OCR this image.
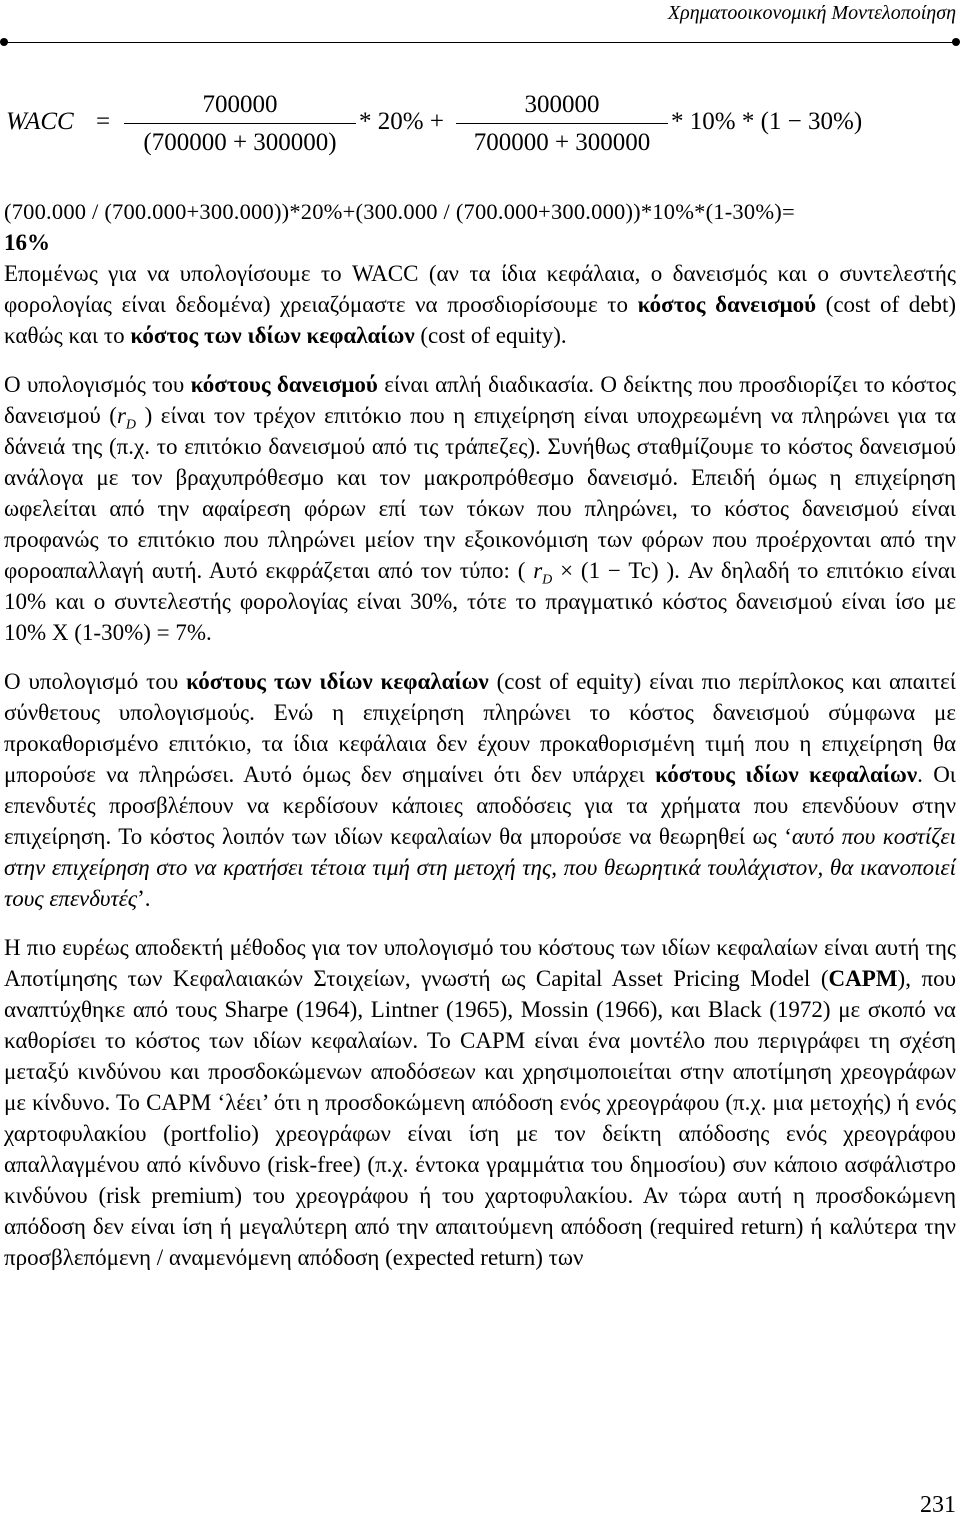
Χρηματοοικονομική Μοντελοποίηση
WACC =
700000
(700000 + 300000)
* 20% +
300000
700000 + 300000
* 10% * (1 − 30%)

(700.000 / (700.000+300.000))*20%+(300.000 / (700.000+300.000))*10%*(1-30%)=

16%

Επομένως για να υπολογίσουμε το WACC (αν τα ίδια κεφάλαια, ο δανεισμός και ο συντελεστής φορολογίας είναι δεδομένα) χρειαζόμαστε να προσδιορίσουμε το κόστος δανεισμού (cost of debt) καθώς και το κόστος των ιδίων κεφαλαίων (cost of equity).

Ο υπολογισμός του κόστους δανεισμού είναι απλή διαδικασία. Ο δείκτης που προσδιορίζει το κόστος δανεισμού ($r_D$ ) είναι τον τρέχον επιτόκιο που η επιχείρηση είναι υποχρεωμένη να πληρώνει για τα δάνειά της (π.χ. το επιτόκιο δανεισμού από τις τράπεζες). Συνήθως σταθμίζουμε το κόστος δανεισμού ανάλογα με τον βραχυπρόθεσμο και τον μακροπρόθεσμο δανεισμό. Επειδή όμως η επιχείρηση ωφελείται από την αφαίρεση φόρων επί των τόκων που πληρώνει, το κόστος δανεισμού είναι προφανώς το επιτόκιο που πληρώνει μείον την εξοικονόμιση των φόρων που προέρχονται από την φοροαπαλλαγή αυτή. Αυτό εκφράζεται από τον τύπο: ( $r_D \times (1 - Tc)$ ). Αν δηλαδή το επιτόκιο είναι 10% και ο συντελεστής φορολογίας είναι 30%, τότε το πραγματικό κόστος δανεισμού είναι ίσο με 10% Χ (1-30%) = 7%.

Ο υπολογισμό του κόστους των ιδίων κεφαλαίων (cost of equity) είναι πιο περίπλοκος και απαιτεί σύνθετους υπολογισμούς. Ενώ η επιχείρηση πληρώνει το κόστος δανεισμού σύμφωνα με προκαθορισμένο επιτόκιο, τα ίδια κεφάλαια δεν έχουν προκαθορισμένη τιμή που η επιχείρηση θα μπορούσε να πληρώσει. Αυτό όμως δεν σημαίνει ότι δεν υπάρχει κόστους ιδίων κεφαλαίων. Οι επενδυτές προσβλέπουν να κερδίσουν κάποιες αποδόσεις για τα χρήματα που επενδύουν στην επιχείρηση. Το κόστος λοιπόν των ιδίων κεφαλαίων θα μπορούσε να θεωρηθεί ως ‘αυτό που κοστίζει στην επιχείρηση στο να κρατήσει τέτοια τιμή στη μετοχή της, που θεωρητικά τουλάχιστον, θα ικανοποιεί τους επενδυτές’.

Η πιο ευρέως αποδεκτή μέθοδος για τον υπολογισμό του κόστους των ιδίων κεφαλαίων είναι αυτή της Αποτίμησης των Κεφαλαιακών Στοιχείων, γνωστή ως Capital Asset Pricing Model (CAPM), που αναπτύχθηκε από τους Sharpe (1964), Lintner (1965), Mossin (1966), και Black (1972) με σκοπό να καθορίσει το κόστος των ιδίων κεφαλαίων. Το CAPM είναι ένα μοντέλο που περιγράφει τη σχέση μεταξύ κινδύνου και προσδοκώμενων αποδόσεων και χρησιμοποιείται στην αποτίμηση χρεογράφων με κίνδυνο. Το CAPM ‘λέει’ ότι η προσδοκώμενη απόδοση ενός χρεογράφου (π.χ. μια μετοχής) ή ενός χαρτοφυλακίου (portfolio) χρεογράφων είναι ίση με τον δείκτη απόδοσης ενός χρεογράφου απαλλαγμένου από κίνδυνο (risk-free) (π.χ. έντοκα γραμμάτια του δημοσίου) συν κάποιο ασφάλιστρο κινδύνου (risk premium) του χρεογράφου ή του χαρτοφυλακίου. Αν τώρα αυτή η προσδοκώμενη απόδοση δεν είναι ίση ή μεγαλύτερη από την απαιτούμενη απόδοση (required return) ή καλύτερα την προσβλεπόμενη / αναμενόμενη απόδοση (expected return) των

231
